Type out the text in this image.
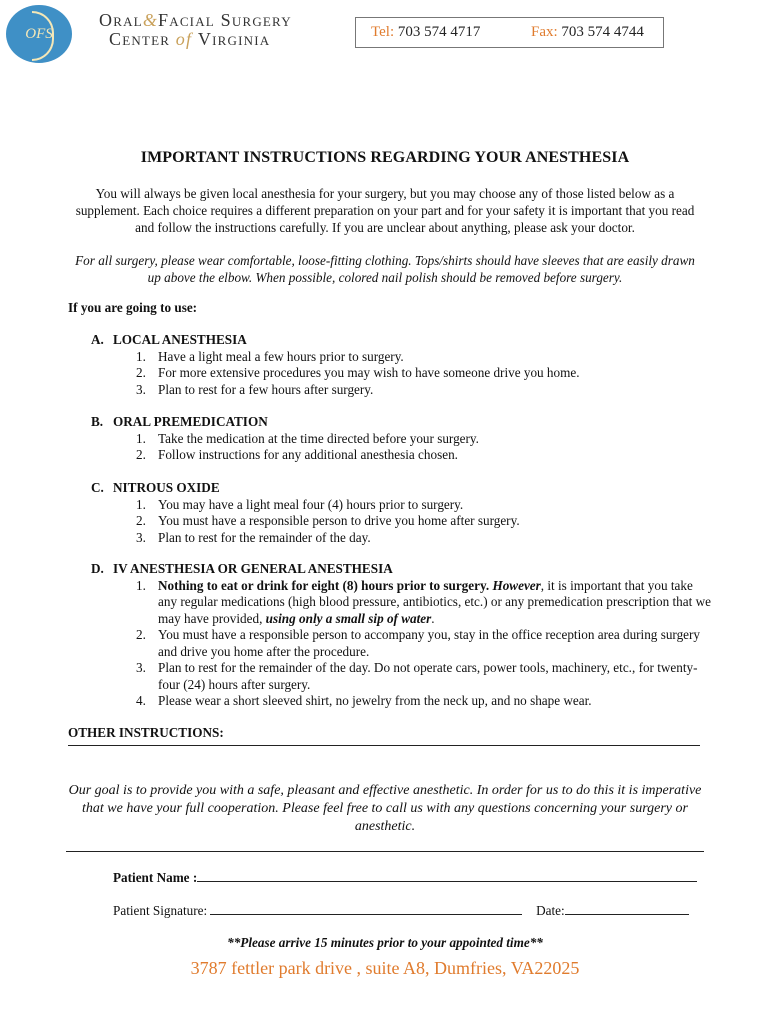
OFS
Oral&Facial Surgery
Center of Virginia	Tel: 703 574 4717	Fax: 703 574 4744
IMPORTANT INSTRUCTIONS REGARDING YOUR ANESTHESIA
You will always be given local anesthesia for your surgery, but you may choose any of those listed below as a supplement. Each choice requires a different preparation on your part and for your safety it is important that you read and follow the instructions carefully. If you are unclear about anything, please ask your doctor.
For all surgery, please wear comfortable, loose-fitting clothing. Tops/shirts should have sleeves that are easily drawn up above the elbow. When possible, colored nail polish should be removed before surgery.
If you are going to use:
A. LOCAL ANESTHESIA
1. Have a light meal a few hours prior to surgery.
2. For more extensive procedures you may wish to have someone drive you home.
3. Plan to rest for a few hours after surgery.
B. ORAL PREMEDICATION
1. Take the medication at the time directed before your surgery.
2. Follow instructions for any additional anesthesia chosen.
C. NITROUS OXIDE
1. You may have a light meal four (4) hours prior to surgery.
2. You must have a responsible person to drive you home after surgery.
3. Plan to rest for the remainder of the day.
D. IV ANESTHESIA OR GENERAL ANESTHESIA
1. Nothing to eat or drink for eight (8) hours prior to surgery. However, it is important that you take any regular medications (high blood pressure, antibiotics, etc.) or any premedication prescription that we may have provided, using only a small sip of water.
2. You must have a responsible person to accompany you, stay in the office reception area during surgery and drive you home after the procedure.
3. Plan to rest for the remainder of the day. Do not operate cars, power tools, machinery, etc., for twenty-four (24) hours after surgery.
4. Please wear a short sleeved shirt, no jewelry from the neck up, and no shape wear.
OTHER INSTRUCTIONS:
Our goal is to provide you with a safe, pleasant and effective anesthetic. In order for us to do this it is imperative that we have your full cooperation. Please feel free to call us with any questions concerning your surgery or anesthetic.
Patient Name :
Patient Signature:	Date:
**Please arrive 15 minutes prior to your appointed time**
3787 fettler park drive , suite A8, Dumfries, VA22025
